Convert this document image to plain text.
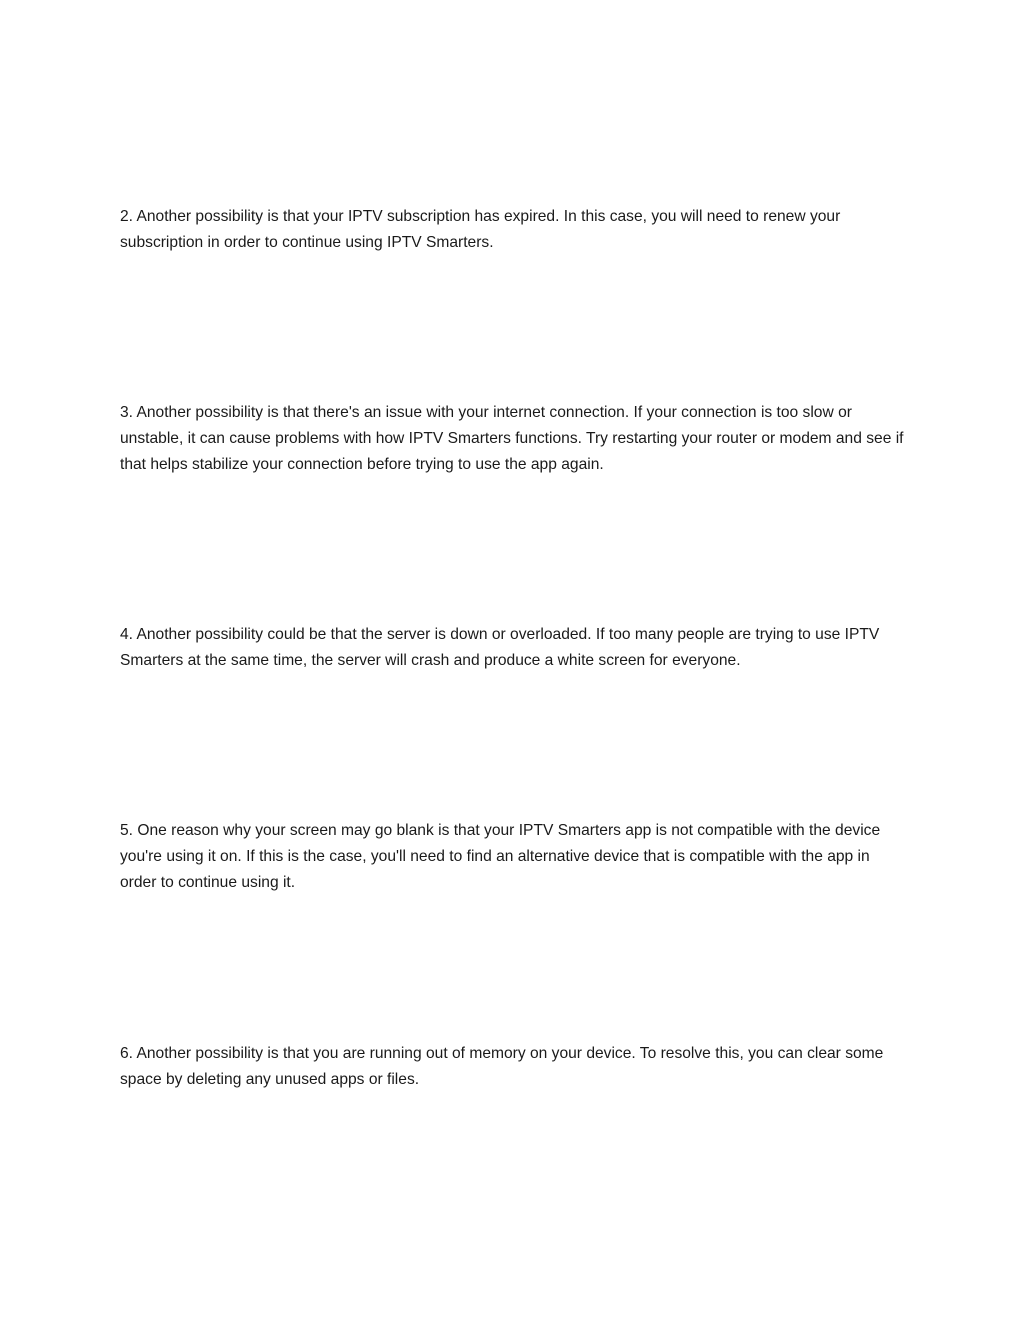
2. Another possibility is that your IPTV subscription has expired. In this case, you will need to renew your subscription in order to continue using IPTV Smarters.

3. Another possibility is that there's an issue with your internet connection. If your connection is too slow or unstable, it can cause problems with how IPTV Smarters functions. Try restarting your router or modem and see if that helps stabilize your connection before trying to use the app again.

4. Another possibility could be that the server is down or overloaded. If too many people are trying to use IPTV Smarters at the same time, the server will crash and produce a white screen for everyone.

5. One reason why your screen may go blank is that your IPTV Smarters app is not compatible with the device you're using it on. If this is the case, you'll need to find an alternative device that is compatible with the app in order to continue using it.

6. Another possibility is that you are running out of memory on your device. To resolve this, you can clear some space by deleting any unused apps or files.
